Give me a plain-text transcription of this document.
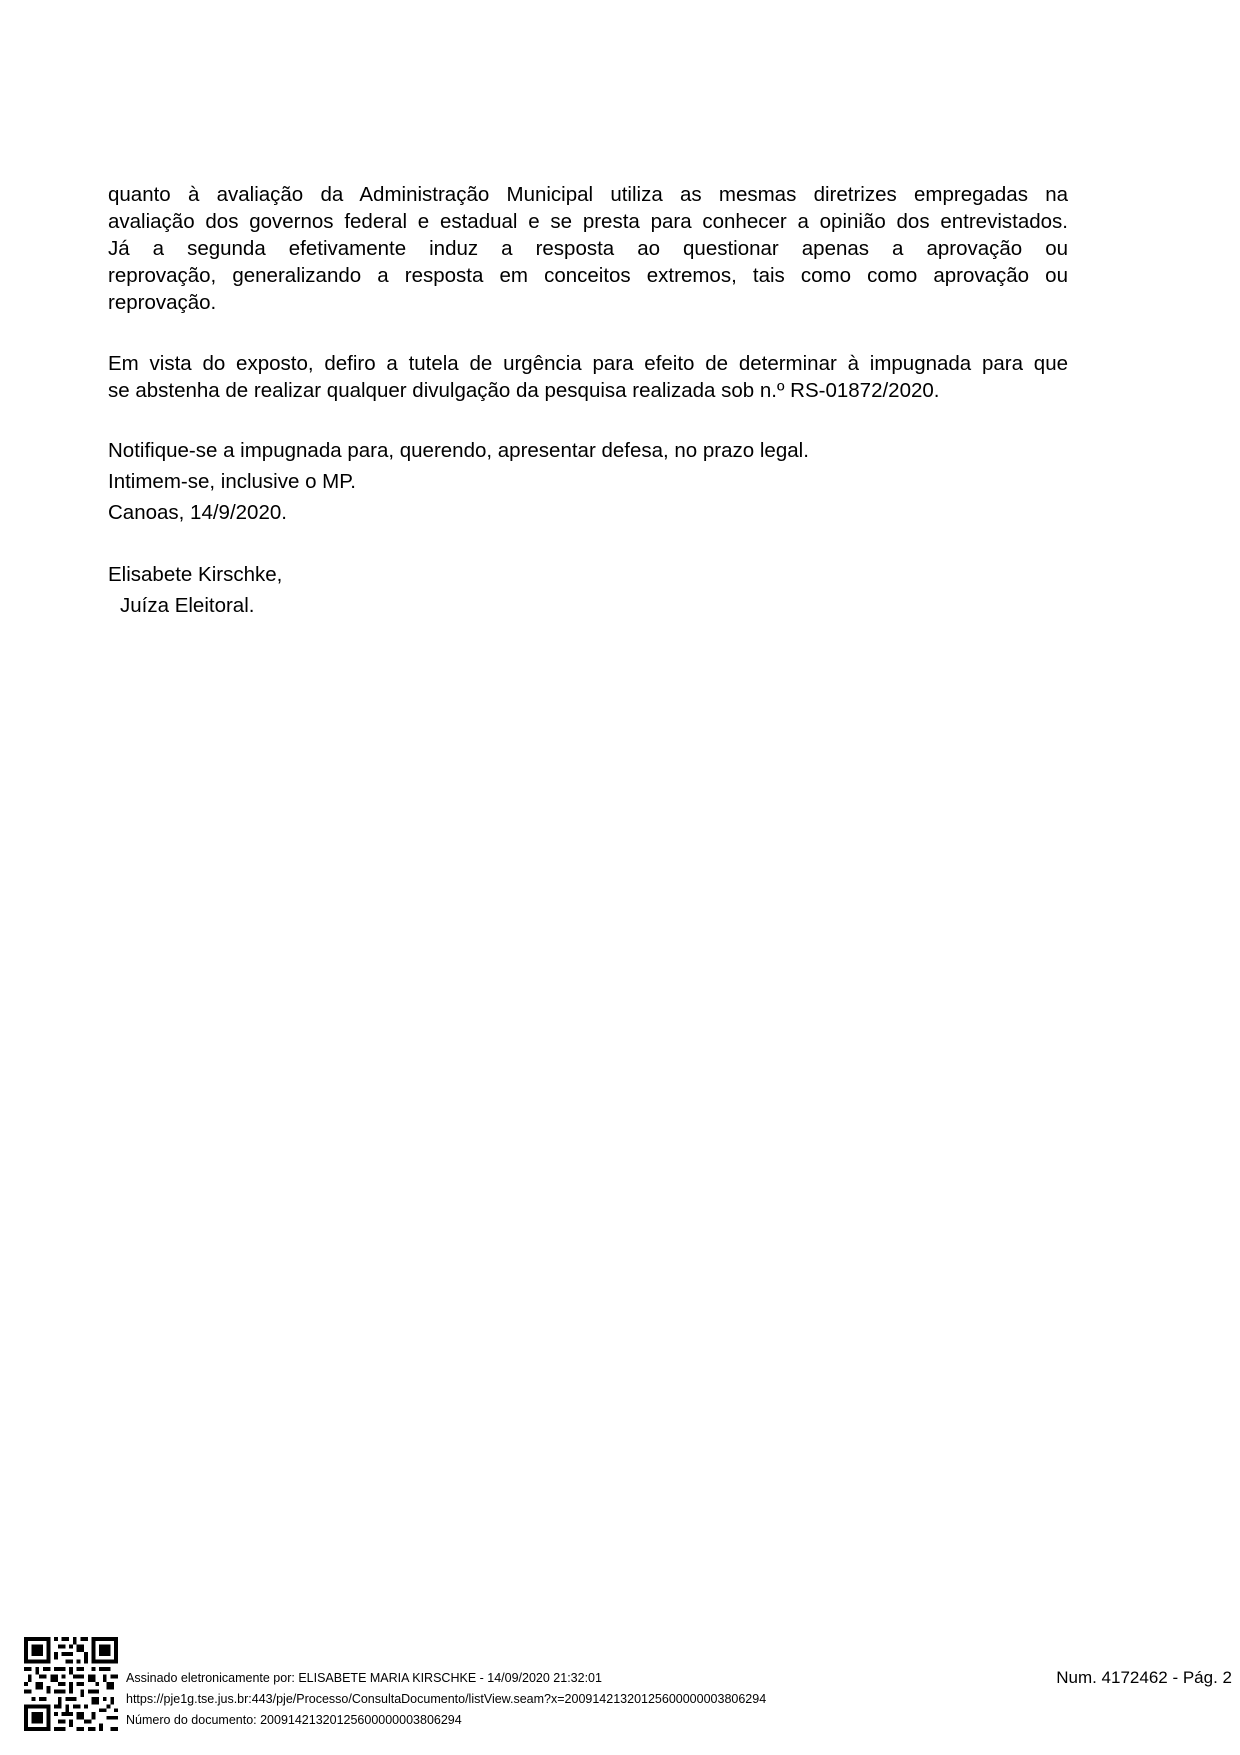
quanto à avaliação da Administração Municipal utiliza as mesmas diretrizes empregadas na
avaliação dos governos federal e estadual e se presta para conhecer a opinião dos entrevistados.
Já a segunda efetivamente induz a resposta ao questionar apenas a aprovação ou
reprovação, generalizando a resposta em conceitos extremos, tais como como aprovação ou
reprovação.
Em vista do exposto, defiro a tutela de urgência para efeito de determinar à impugnada para que
se abstenha de realizar qualquer divulgação da pesquisa realizada sob n.º RS-01872/2020.
Notifique-se a impugnada para, querendo, apresentar defesa, no prazo legal.
Intimem-se, inclusive o MP.
Canoas, 14/9/2020.
Elisabete Kirschke,
Juíza Eleitoral.
Assinado eletronicamente por: ELISABETE MARIA KIRSCHKE - 14/09/2020 21:32:01
https://pje1g.tse.jus.br:443/pje/Processo/ConsultaDocumento/listView.seam?x=20091421320125600000003806294
Número do documento: 20091421320125600000003806294
Num. 4172462 - Pág. 2
